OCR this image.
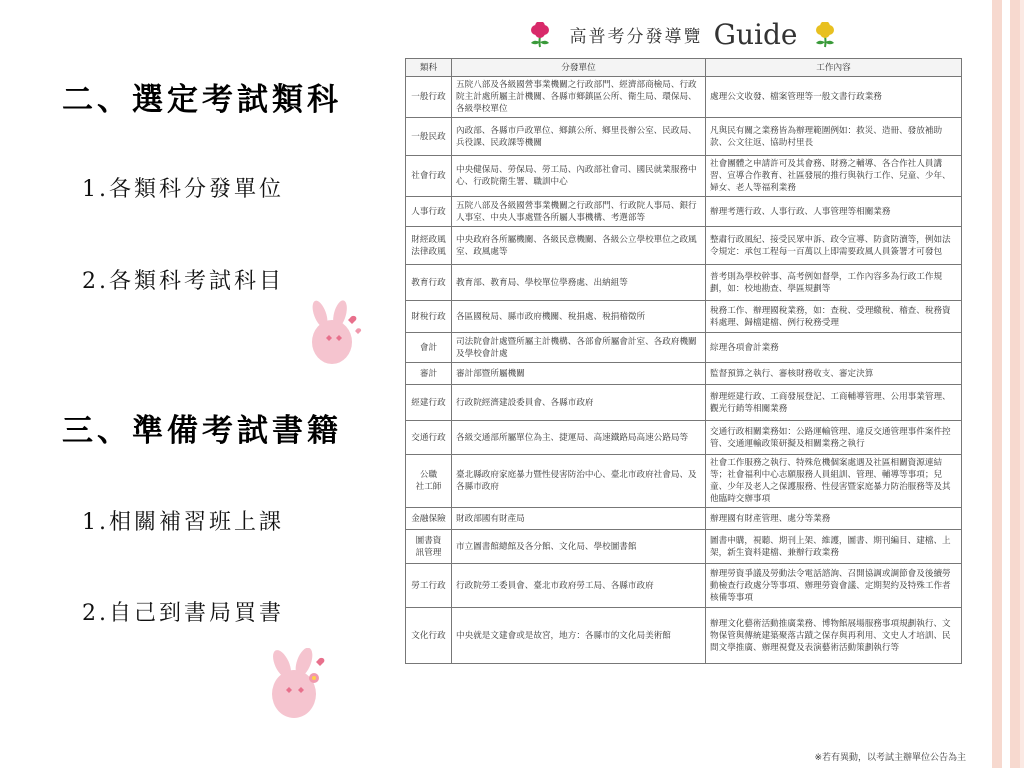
二、選定考試類科
1.各類科分發單位
2.各類科考試科目
三、準備考試書籍
1.相關補習班上課
2.自己到書局買書
高普考分發導覽 Guide
類科	分發單位	工作內容
一般行政	五院八部及各級國營事業機關之行政部門、經濟部商檢局、行政院主計處所屬主計機關、各縣市鄉鎮區公所、衛生局、環保局、各級學校單位	處理公文收發、檔案管理等一般文書行政業務
一般民政	內政部、各縣市戶政單位、鄉鎮公所、鄉里長辦公室、民政局、兵役課、民政課等機關	凡與民有關之業務皆為辦理範圍例如：救災、造冊、發放補助款、公文往返、協助村里長
社會行政	中央健保局、勞保局、勞工局、內政部社會司、國民就業服務中心、行政院衛生署、職訓中心	社會團體之申請許可及其會務、財務之輔導、各合作社人員講習、宣導合作教育、社區發展的推行與執行工作、兒童、少年、婦女、老人等福利業務
人事行政	五院八部及各級國營事業機關之行政部門、行政院人事局、銀行人事室、中央人事處暨各所屬人事機構、考選部等	辦理考選行政、人事行政、人事管理等相關業務
財經政風
法律政風	中央政府各所屬機關、各級民意機關、各級公立學校單位之政風室、政風處等	整肅行政風紀、接受民眾申訴、政令宣導、防貪防瀆等，例如法令規定：承包工程每一百萬以上即需要政風人員簽署才可發包
教育行政	教育部、教育局、學校單位學務處、出納組等	普考則為學校幹事、高考例如督學，工作內容多為行政工作規劃，如：校地勘查、學區規劃等
財稅行政	各區國稅局、縣市政府機關、稅捐處、稅捐稽徵所	稅務工作、辦理國稅業務，如：查稅、受理繳稅、稽查、稅務資料處理、歸檔建檔、例行稅務受理
會計	司法院會計處暨所屬主計機構、各部會所屬會計室、各政府機關及學校會計處	綜理各項會計業務
審計	審計部暨所屬機關	監督預算之執行、審核財務收支、審定決算
經建行政	行政院經濟建設委員會、各縣市政府	辦理經建行政、工商發展登記、工商輔導管理、公用事業管理、觀光行銷等相關業務
交通行政	各級交通部所屬單位為主、捷運局、高速鐵路局高速公路局等	交通行政相關業務如：公路運輸管理、違反交通管理事件案件控管、交通運輸政策研擬及相關業務之執行
公職
社工師	臺北縣政府家庭暴力暨性侵害防治中心、臺北市政府社會局、及各縣市政府	社會工作服務之執行、特殊危機個案處遇及社區相關資源連結等；社會福利中心志願服務人員組訓、管理、輔導等事項；兒童、少年及老人之保護服務、性侵害暨家庭暴力防治服務等及其他臨時交辦事項
金融保險	財政部國有財產局	辦理國有財產管理、處分等業務
圖書資
訊管理	市立圖書館總館及各分館、文化局、學校圖書館	圖書申購，視聽、期刊上架、維護，圖書、期刊編目、建檔、上架，新生資料建檔、兼辦行政業務
勞工行政	行政院勞工委員會、臺北市政府勞工局、各縣市政府	辦理勞資爭議及勞動法令電話諮詢、召開協調或調節會及後續勞動檢查行政處分等事項、辦理勞資會議、定期契約及特殊工作者核備等事項
文化行政	中央就是文建會或是故宮，地方：各縣市的文化局美術館	辦理文化藝術活動推廣業務、博物館展場服務事項規劃執行、文物保管與傳統建築聚落古蹟之保存與再利用、文史人才培訓、民間文學推廣、辦理視覺及表演藝術活動策劃執行等
※若有異動，以考試主辦單位公告為主
